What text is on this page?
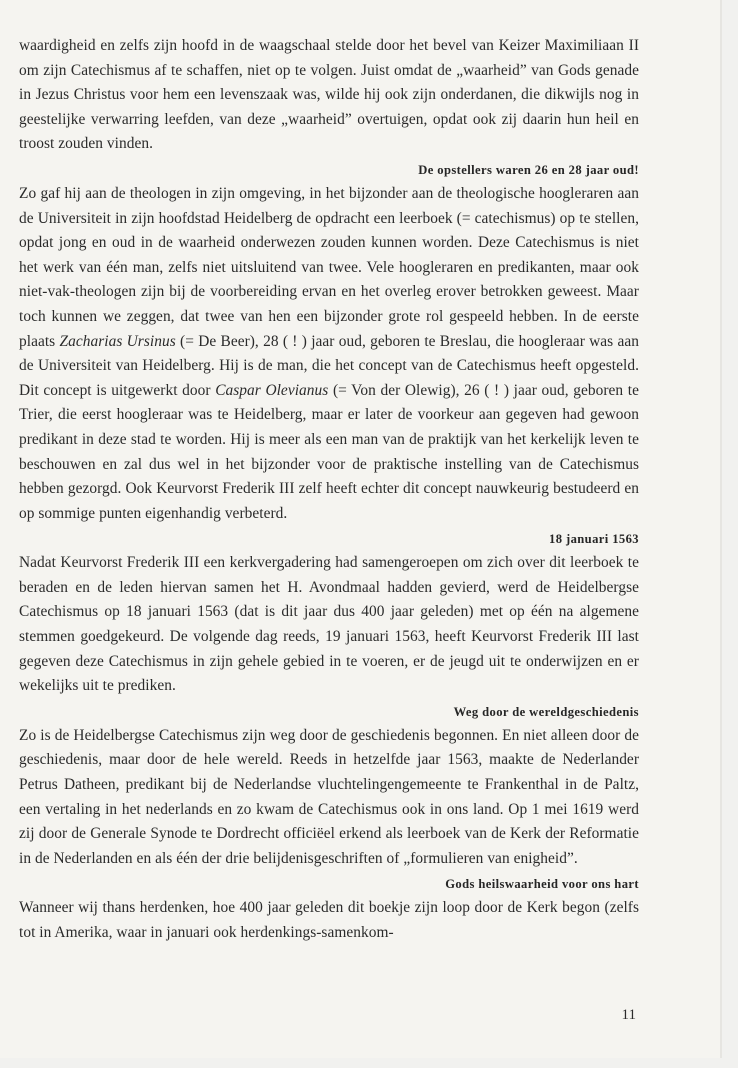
waardigheid en zelfs zijn hoofd in de waagschaal stelde door het bevel van Keizer Maximiliaan II om zijn Catechismus af te schaffen, niet op te volgen. Juist omdat de „waarheid” van Gods genade in Jezus Christus voor hem een levenszaak was, wilde hij ook zijn onderdanen, die dikwijls nog in geestelijke verwarring leefden, van deze „waarheid” overtuigen, opdat ook zij daarin hun heil en troost zouden vinden.

De opstellers waren 26 en 28 jaar oud!

Zo gaf hij aan de theologen in zijn omgeving, in het bijzonder aan de theologische hoogleraren aan de Universiteit in zijn hoofdstad Heidelberg de opdracht een leerboek (= catechismus) op te stellen, opdat jong en oud in de waarheid onderwezen zouden kunnen worden. Deze Catechismus is niet het werk van één man, zelfs niet uitsluitend van twee. Vele hoogleraren en predikanten, maar ook niet-vak-theologen zijn bij de voorbereiding ervan en het overleg erover betrokken geweest. Maar toch kunnen we zeggen, dat twee van hen een bijzonder grote rol gespeeld hebben. In de eerste plaats Zacharias Ursinus (= De Beer), 28 ( ! ) jaar oud, geboren te Breslau, die hoogleraar was aan de Universiteit van Heidelberg. Hij is de man, die het concept van de Catechismus heeft opgesteld. Dit concept is uitgewerkt door Caspar Olevianus (= Von der Olewig), 26 ( ! ) jaar oud, geboren te Trier, die eerst hoogleraar was te Heidelberg, maar er later de voorkeur aan gegeven had gewoon predikant in deze stad te worden. Hij is meer als een man van de praktijk van het kerkelijk leven te beschouwen en zal dus wel in het bijzonder voor de praktische instelling van de Catechismus hebben gezorgd. Ook Keurvorst Frederik III zelf heeft echter dit concept nauwkeurig bestudeerd en op sommige punten eigenhandig verbeterd.

18 januari 1563

Nadat Keurvorst Frederik III een kerkvergadering had samengeroepen om zich over dit leerboek te beraden en de leden hiervan samen het H. Avondmaal hadden gevierd, werd de Heidelbergse Catechismus op 18 januari 1563 (dat is dit jaar dus 400 jaar geleden) met op één na algemene stemmen goedgekeurd. De volgende dag reeds, 19 januari 1563, heeft Keurvorst Frederik III last gegeven deze Catechismus in zijn gehele gebied in te voeren, er de jeugd uit te onderwijzen en er wekelijks uit te prediken.

Weg door de wereldgeschiedenis

Zo is de Heidelbergse Catechismus zijn weg door de geschiedenis begonnen. En niet alleen door de geschiedenis, maar door de hele wereld. Reeds in hetzelfde jaar 1563, maakte de Nederlander Petrus Datheen, predikant bij de Nederlandse vluchtelingengemeente te Frankenthal in de Paltz, een vertaling in het nederlands en zo kwam de Catechismus ook in ons land. Op 1 mei 1619 werd zij door de Generale Synode te Dordrecht officiëel erkend als leerboek van de Kerk der Reformatie in de Nederlanden en als één der drie belijdenisgeschriften of „formulieren van enigheid”.

Gods heilswaarheid voor ons hart

Wanneer wij thans herdenken, hoe 400 jaar geleden dit boekje zijn loop door de Kerk begon (zelfs tot in Amerika, waar in januari ook herdenkings-samenkom-

11
